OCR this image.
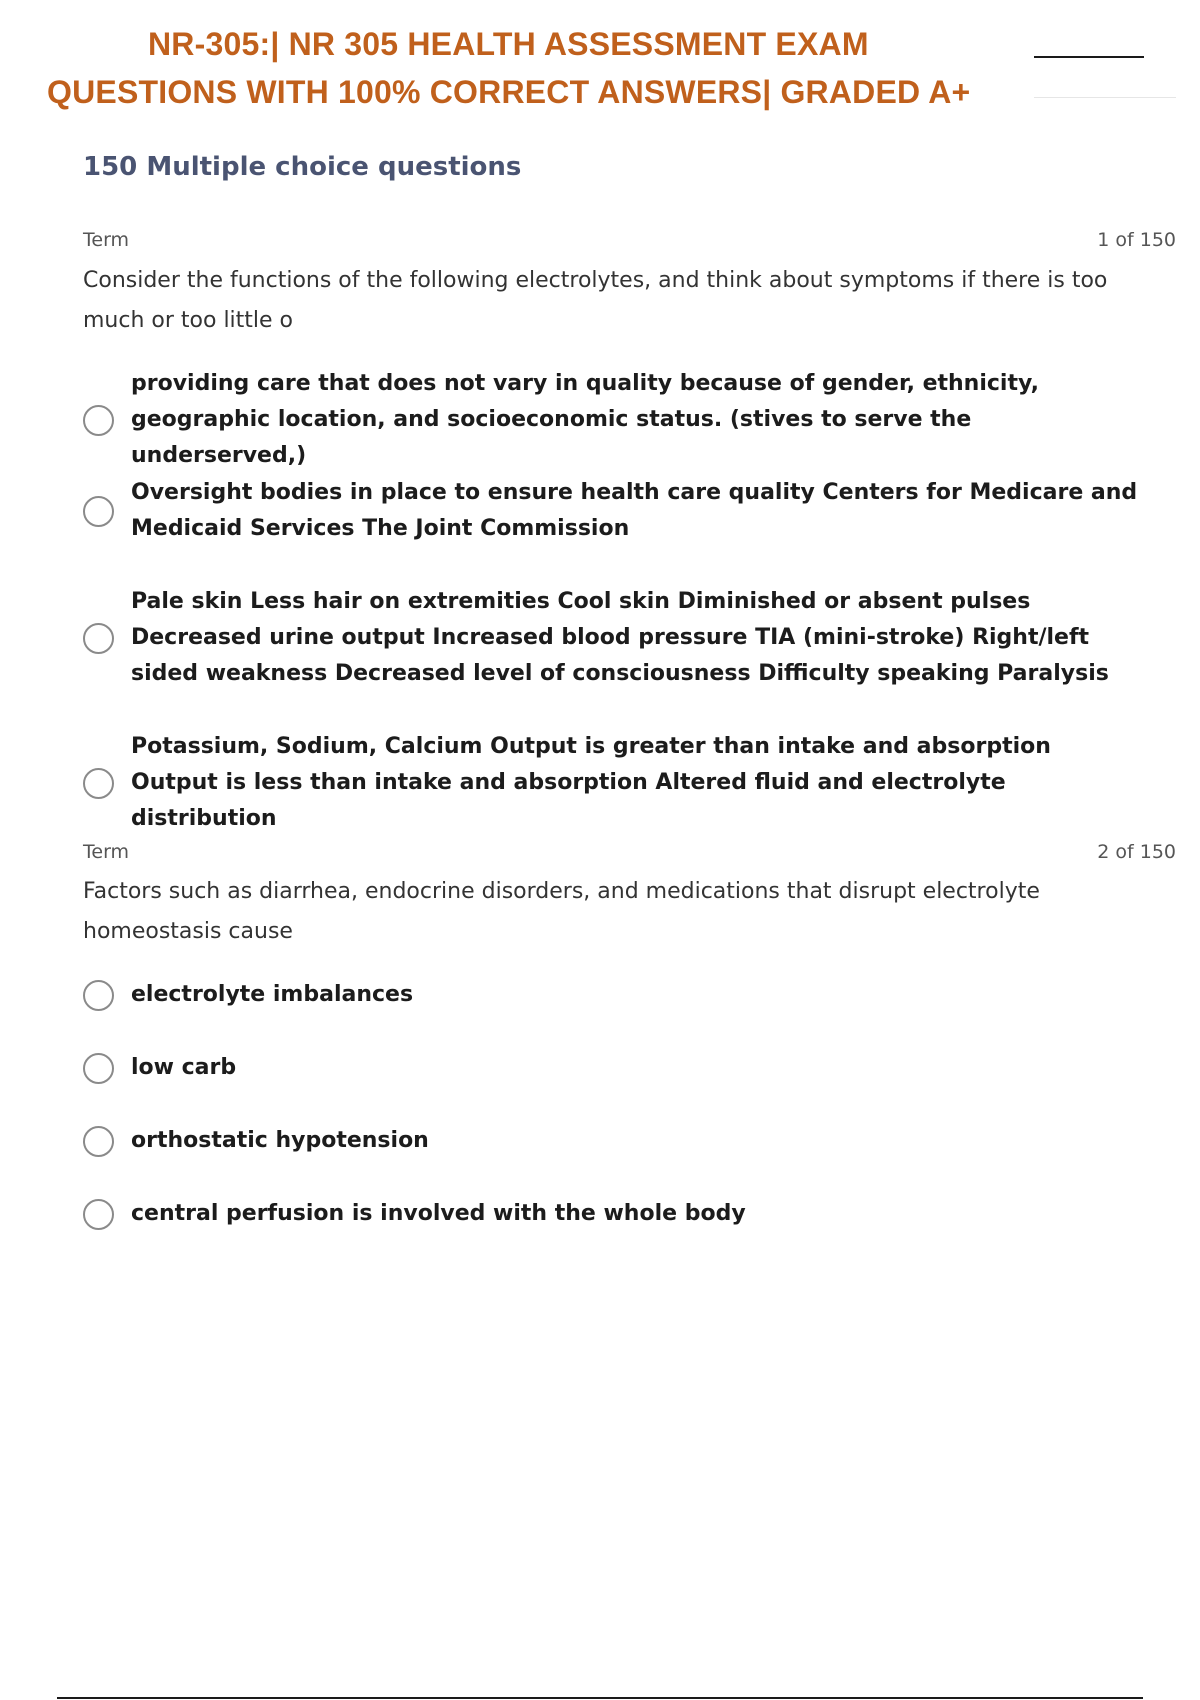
NR-305:| NR 305 HEALTH ASSESSMENT EXAM
QUESTIONS WITH 100% CORRECT ANSWERS| GRADED A+
150 Multiple choice questions
Term	1 of 150
Consider the functions of the following electrolytes, and think about symptoms if there is too much or too little o
providing care that does not vary in quality because of gender, ethnicity, geographic location, and socioeconomic status. (stives to serve the underserved,)
Oversight bodies in place to ensure health care quality Centers for Medicare and Medicaid Services The Joint Commission
Pale skin Less hair on extremities Cool skin Diminished or absent pulses Decreased urine output Increased blood pressure TIA (mini-stroke) Right/left sided weakness Decreased level of consciousness Difficulty speaking Paralysis
Potassium, Sodium, Calcium Output is greater than intake and absorption Output is less than intake and absorption Altered fluid and electrolyte distribution
Term	2 of 150
Factors such as diarrhea, endocrine disorders, and medications that disrupt electrolyte homeostasis cause
electrolyte imbalances
low carb
orthostatic hypotension
central perfusion is involved with the whole body
